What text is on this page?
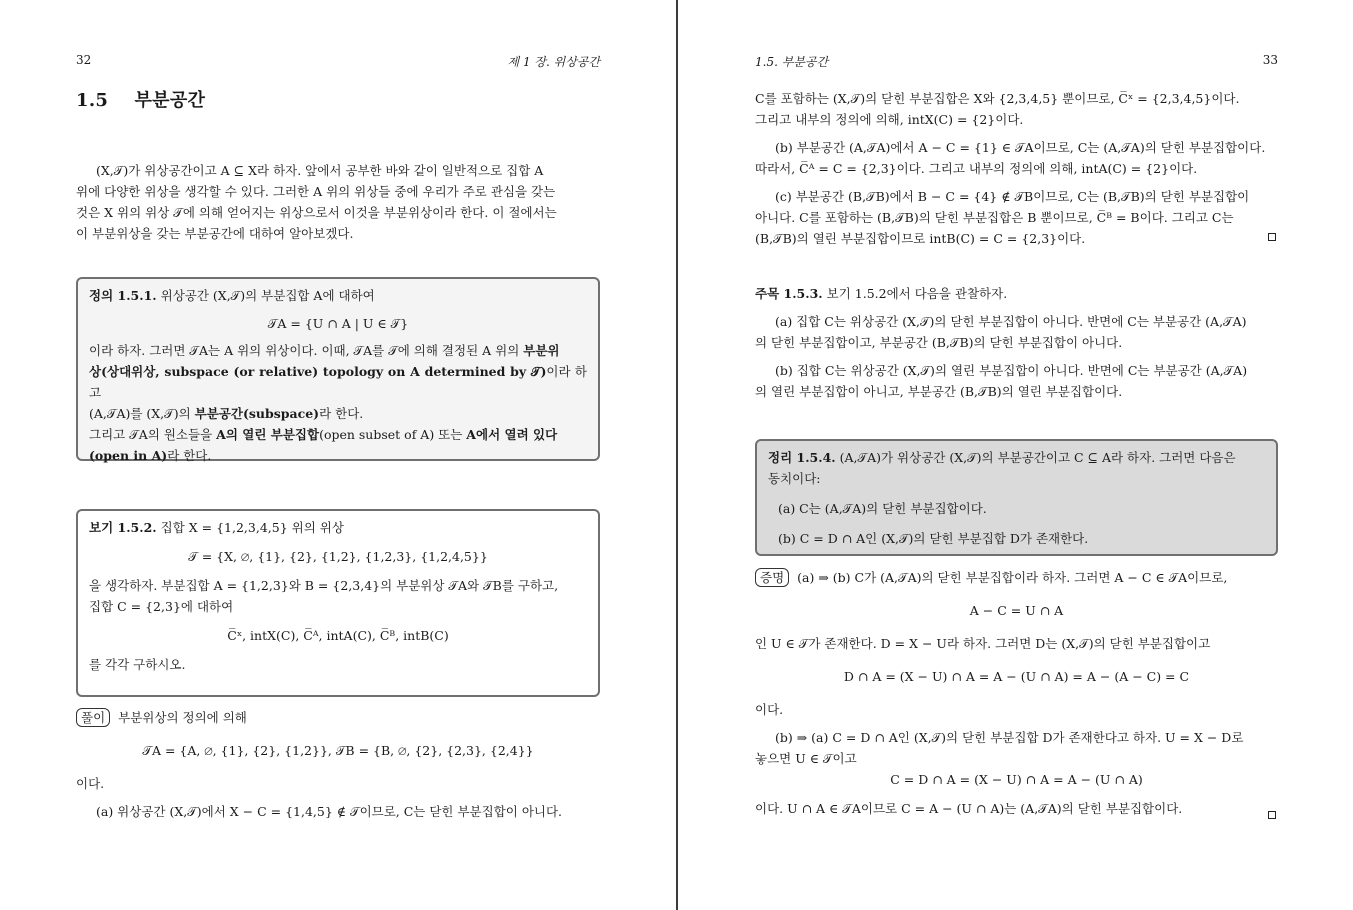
32	제 1 장. 위상공간
1.5    부분공간

(X,𝒯)가 위상공간이고 A ⊆ X라 하자. 앞에서 공부한 바와 같이 일반적으로 집합 A

위에 다양한 위상을 생각할 수 있다. 그러한 A 위의 위상들 중에 우리가 주로 관심을 갖는

것은 X 위의 위상 𝒯에 의해 얻어지는 위상으로서 이것을 부분위상이라 한다. 이 절에서는

이 부분위상을 갖는 부분공간에 대하여 알아보겠다.

정의 1.5.1. 위상공간 (X,𝒯)의 부분집합 A에 대하여

𝒯A = {U ∩ A | U ∈ 𝒯}

이라 하자. 그러면 𝒯A는 A 위의 위상이다. 이때, 𝒯A를 𝒯에 의해 결정된 A 위의 부분위

상(상대위상, subspace (or relative) topology on A determined by 𝒯)이라 하고

(A,𝒯A)를 (X,𝒯)의 부분공간(subspace)라 한다.

그리고 𝒯A의 원소들을 A의 열린 부분집합(open subset of A) 또는 A에서 열려 있다

(open in A)라 한다.

보기 1.5.2. 집합 X = {1,2,3,4,5} 위의 위상

𝒯 = {X, ∅, {1}, {2}, {1,2}, {1,2,3}, {1,2,4,5}}

을 생각하자. 부분집합 A = {1,2,3}와 B = {2,3,4}의 부분위상 𝒯A와 𝒯B를 구하고,

집합 C = {2,3}에 대하여

C̅ˣ, intX(C), C̅ᴬ, intA(C), C̅ᴮ, intB(C)

를 각각 구하시오.

풀이 부분위상의 정의에 의해

𝒯A = {A, ∅, {1}, {2}, {1,2}}, 𝒯B = {B, ∅, {2}, {2,3}, {2,4}}

이다.

(a) 위상공간 (X,𝒯)에서 X − C = {1,4,5} ∉ 𝒯이므로, C는 닫힌 부분집합이 아니다.

1.5. 부분공간	33

C를 포함하는 (X,𝒯)의 닫힌 부분집합은 X와 {2,3,4,5} 뿐이므로, C̅ˣ = {2,3,4,5}이다.

그리고 내부의 정의에 의해, intX(C) = {2}이다.

(b) 부분공간 (A,𝒯A)에서 A − C = {1} ∈ 𝒯A이므로, C는 (A,𝒯A)의 닫힌 부분집합이다.

따라서, C̅ᴬ = C = {2,3}이다. 그리고 내부의 정의에 의해, intA(C) = {2}이다.

(c) 부분공간 (B,𝒯B)에서 B − C = {4} ∉ 𝒯B이므로, C는 (B,𝒯B)의 닫힌 부분집합이

아니다. C를 포함하는 (B,𝒯B)의 닫힌 부분집합은 B 뿐이므로, C̅ᴮ = B이다. 그리고 C는

(B,𝒯B)의 열린 부분집합이므로 intB(C) = C = {2,3}이다.

주목 1.5.3. 보기 1.5.2에서 다음을 관찰하자.

(a) 집합 C는 위상공간 (X,𝒯)의 닫힌 부분집합이 아니다. 반면에 C는 부분공간 (A,𝒯A)

의 닫힌 부분집합이고, 부분공간 (B,𝒯B)의 닫힌 부분집합이 아니다.

(b) 집합 C는 위상공간 (X,𝒯)의 열린 부분집합이 아니다. 반면에 C는 부분공간 (A,𝒯A)

의 열린 부분집합이 아니고, 부분공간 (B,𝒯B)의 열린 부분집합이다.

정리 1.5.4. (A,𝒯A)가 위상공간 (X,𝒯)의 부분공간이고 C ⊆ A라 하자. 그러면 다음은

동치이다:

(a) C는 (A,𝒯A)의 닫힌 부분집합이다.

(b) C = D ∩ A인 (X,𝒯)의 닫힌 부분집합 D가 존재한다.

증명 (a) ⇒ (b) C가 (A,𝒯A)의 닫힌 부분집합이라 하자. 그러면 A − C ∈ 𝒯A이므로,

A − C = U ∩ A

인 U ∈ 𝒯가 존재한다. D = X − U라 하자. 그러면 D는 (X,𝒯)의 닫힌 부분집합이고

D ∩ A = (X − U) ∩ A = A − (U ∩ A) = A − (A − C) = C

이다.

(b) ⇒ (a) C = D ∩ A인 (X,𝒯)의 닫힌 부분집합 D가 존재한다고 하자. U = X − D로

놓으면 U ∈ 𝒯이고

C = D ∩ A = (X − U) ∩ A = A − (U ∩ A)

이다. U ∩ A ∈ 𝒯A이므로 C = A − (U ∩ A)는 (A,𝒯A)의 닫힌 부분집합이다.
